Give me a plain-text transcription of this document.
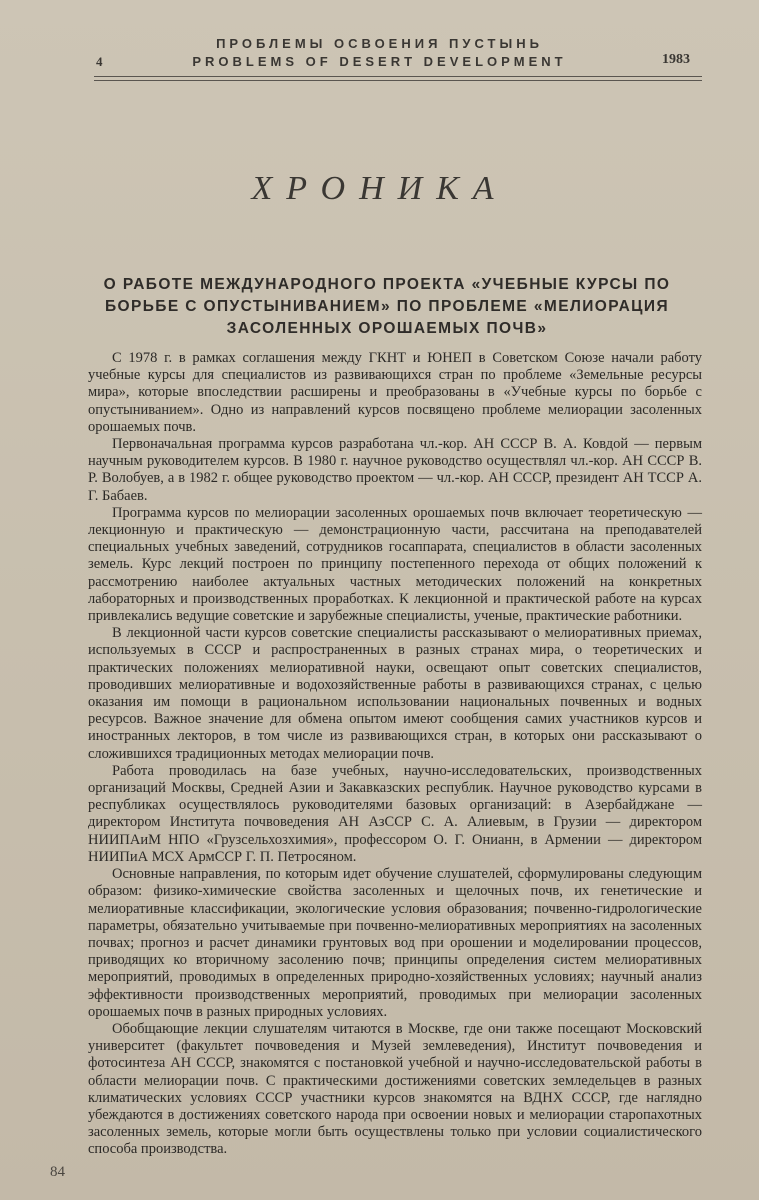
ПРОБЛЕМЫ ОСВОЕНИЯ ПУСТЫНЬ
4	PROBLEMS OF DESERT DEVELOPMENT	1983
ХРОНИКА
О РАБОТЕ МЕЖДУНАРОДНОГО ПРОЕКТА «УЧЕБНЫЕ КУРСЫ ПО БОРЬБЕ С ОПУСТЫНИВАНИЕМ» ПО ПРОБЛЕМЕ «МЕЛИОРАЦИЯ ЗАСОЛЕННЫХ ОРОШАЕМЫХ ПОЧВ»

С 1978 г. в рамках соглашения между ГКНТ и ЮНЕП в Советском Союзе начали работу учебные курсы для специалистов из развивающихся стран по проблеме «Земельные ресурсы мира», которые впоследствии расширены и преобразованы в «Учебные курсы по борьбе с опустыниванием». Одно из направлений курсов посвящено проблеме мелиорации засоленных орошаемых почв.

Первоначальная программа курсов разработана чл.-кор. АН СССР В. А. Ковдой — первым научным руководителем курсов. В 1980 г. научное руководство осуществлял чл.-кор. АН СССР В. Р. Волобуев, а в 1982 г. общее руководство проектом — чл.-кор. АН СССР, президент АН ТССР А. Г. Бабаев.

Программа курсов по мелиорации засоленных орошаемых почв включает теоретическую — лекционную и практическую — демонстрационную части, рассчитана на преподавателей специальных учебных заведений, сотрудников госаппарата, специалистов в области засоленных земель. Курс лекций построен по принципу постепенного перехода от общих положений к рассмотрению наиболее актуальных частных методических положений на конкретных лабораторных и производственных проработках. К лекционной и практической работе на курсах привлекались ведущие советские и зарубежные специалисты, ученые, практические работники.

В лекционной части курсов советские специалисты рассказывают о мелиоративных приемах, используемых в СССР и распространенных в разных странах мира, о теоретических и практических положениях мелиоративной науки, освещают опыт советских специалистов, проводивших мелиоративные и водохозяйственные работы в развивающихся странах, с целью оказания им помощи в рациональном использовании национальных почвенных и водных ресурсов. Важное значение для обмена опытом имеют сообщения самих участников курсов и иностранных лекторов, в том числе из развивающихся стран, в которых они рассказывают о сложившихся традиционных методах мелиорации почв.

Работа проводилась на базе учебных, научно-исследовательских, производственных организаций Москвы, Средней Азии и Закавказских республик. Научное руководство курсами в республиках осуществлялось руководителями базовых организаций: в Азербайджане — директором Института почвоведения АН АзССР С. А. Алиевым, в Грузии — директором НИИПАиМ НПО «Грузсельхозхимия», профессором О. Г. Онианн, в Армении — директором НИИПиА МСХ АрмССР Г. П. Петросяном.

Основные направления, по которым идет обучение слушателей, сформулированы следующим образом: физико-химические свойства засоленных и щелочных почв, их генетические и мелиоративные классификации, экологические условия образования; почвенно-гидрологические параметры, обязательно учитываемые при почвенно-мелиоративных мероприятиях на засоленных почвах; прогноз и расчет динамики грунтовых вод при орошении и моделировании процессов, приводящих ко вторичному засолению почв; принципы определения систем мелиоративных мероприятий, проводимых в определенных природно-хозяйственных условиях; научный анализ эффективности производственных мероприятий, проводимых при мелиорации засоленных орошаемых почв в разных природных условиях.

Обобщающие лекции слушателям читаются в Москве, где они также посещают Московский университет (факультет почвоведения и Музей землеведения), Институт почвоведения и фотосинтеза АН СССР, знакомятся с постановкой учебной и научно-исследовательской работы в области мелиорации почв. С практическими достижениями советских земледельцев в разных климатических условиях СССР участники курсов знакомятся на ВДНХ СССР, где наглядно убеждаются в достижениях советского народа при освоении новых и мелиорации старопахотных засоленных земель, которые могли быть осуществлены только при условии социалистического способа производства.

84
